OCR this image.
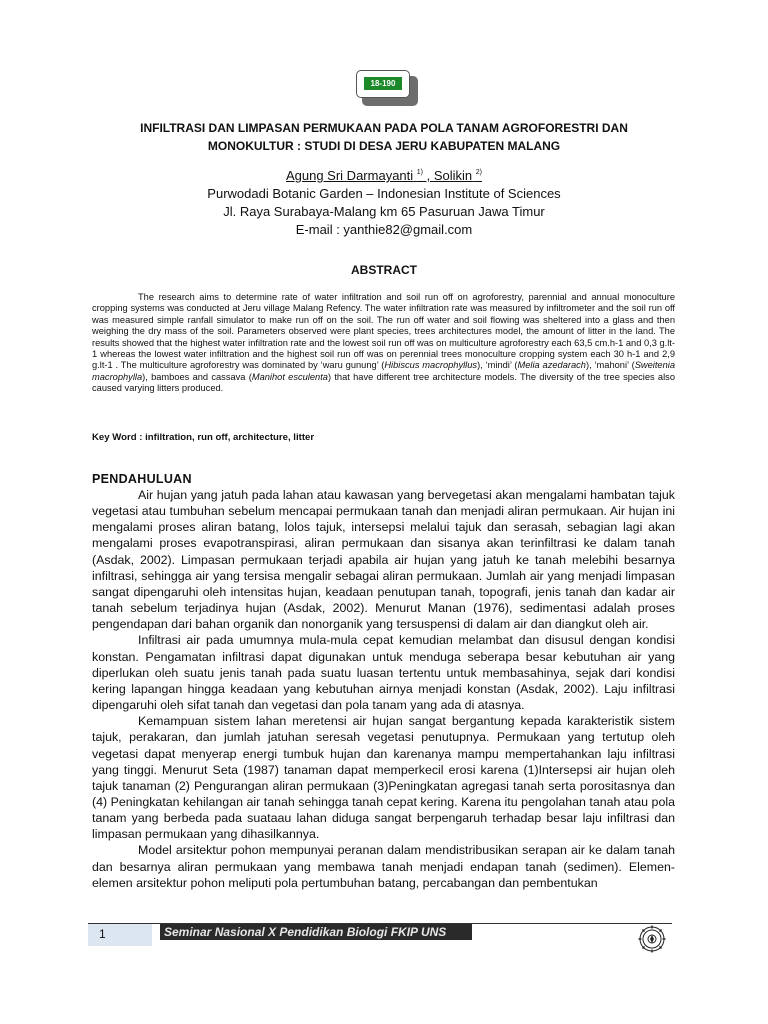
18-190
INFILTRASI DAN LIMPASAN PERMUKAAN PADA POLA TANAM AGROFORESTRI DAN
MONOKULTUR : STUDI DI DESA JERU KABUPATEN MALANG
Agung Sri Darmayanti $^{1)}$ , Solikin $^{2)}$
Purwodadi Botanic Garden – Indonesian Institute of Sciences
Jl. Raya Surabaya-Malang km 65 Pasuruan Jawa Timur
E-mail : yanthie82@gmail.com
ABSTRACT

The research aims to determine rate of water infiltration and soil run off on agroforestry, parennial and annual monoculture cropping systems was conducted at Jeru village Malang Refency. The water infiltration rate was measured by infiltrometer and the soil run off was measured simple ranfall simulator to make run off on the soil. The run off water and soil flowing was sheltered into a glass and then weighing the dry mass of the soil. Parameters observed were plant species, trees architectures model, the amount of litter in the land. The results showed that the highest water infiltration rate and the lowest soil run off was on multiculture agroforestry each 63,5 cm.h-1 and 0,3 g.lt-1 whereas the lowest water infiltration and the highest soil run off was on perennial trees monoculture cropping system each 30 h-1 and 2,9 g.lt-1 . The multiculture agroforestry was dominated by ‘waru gunung’ (Hibiscus macrophyllus), ‘mindi’ (Melia azedarach), ‘mahoni’ (Sweitenia macrophylla), bamboes and cassava (Manihot esculenta) that have different tree architecture models. The diversity of the tree species also caused varying litters produced.

Key Word : infiltration, run off, architecture, litter
PENDAHULUAN

Air hujan yang jatuh pada lahan atau kawasan yang bervegetasi akan mengalami hambatan tajuk vegetasi atau tumbuhan sebelum mencapai permukaan tanah dan menjadi aliran permukaan. Air hujan ini mengalami proses aliran batang, lolos tajuk, intersepsi melalui tajuk dan serasah, sebagian lagi akan mengalami proses evapotranspirasi, aliran permukaan dan sisanya akan terinfiltrasi ke dalam tanah (Asdak, 2002). Limpasan permukaan terjadi apabila air hujan yang jatuh ke tanah melebihi besarnya infiltrasi, sehingga air yang tersisa mengalir sebagai aliran permukaan. Jumlah air yang menjadi limpasan sangat dipengaruhi oleh intensitas hujan, keadaan penutupan tanah, topografi, jenis tanah dan kadar air tanah sebelum terjadinya hujan (Asdak, 2002). Menurut Manan (1976), sedimentasi adalah proses pengendapan dari bahan organik dan nonorganik yang tersuspensi di dalam air dan diangkut oleh air.

Infiltrasi air pada umumnya mula-mula cepat kemudian melambat dan disusul dengan kondisi konstan. Pengamatan infiltrasi dapat digunakan untuk menduga seberapa besar kebutuhan air yang diperlukan oleh suatu jenis tanah pada suatu luasan tertentu untuk membasahinya, sejak dari kondisi kering lapangan hingga keadaan yang kebutuhan airnya menjadi konstan (Asdak, 2002). Laju infiltrasi dipengaruhi oleh sifat tanah dan vegetasi dan pola tanam yang ada di atasnya.

Kemampuan sistem lahan meretensi air hujan sangat bergantung kepada karakteristik sistem tajuk, perakaran, dan jumlah jatuhan seresah vegetasi penutupnya. Permukaan yang tertutup oleh vegetasi dapat menyerap energi tumbuk hujan dan karenanya mampu mempertahankan laju infiltrasi yang tinggi. Menurut Seta (1987) tanaman dapat memperkecil erosi karena (1)Intersepsi air hujan oleh tajuk tanaman (2) Pengurangan aliran permukaan (3)Peningkatan agregasi tanah serta porositasnya dan (4) Peningkatan kehilangan air tanah sehingga tanah cepat kering. Karena itu pengolahan tanah atau pola tanam yang berbeda pada suataau lahan diduga sangat berpengaruh terhadap besar laju infiltrasi dan limpasan permukaan yang dihasilkannya.

Model arsitektur pohon mempunyai peranan dalam mendistribusikan serapan air ke dalam tanah dan besarnya aliran permukaan yang membawa tanah menjadi endapan tanah (sedimen). Elemen-elemen arsitektur pohon meliputi pola pertumbuhan batang, percabangan dan pembentukan

1	Seminar Nasional X Pendidikan Biologi FKIP UNS
